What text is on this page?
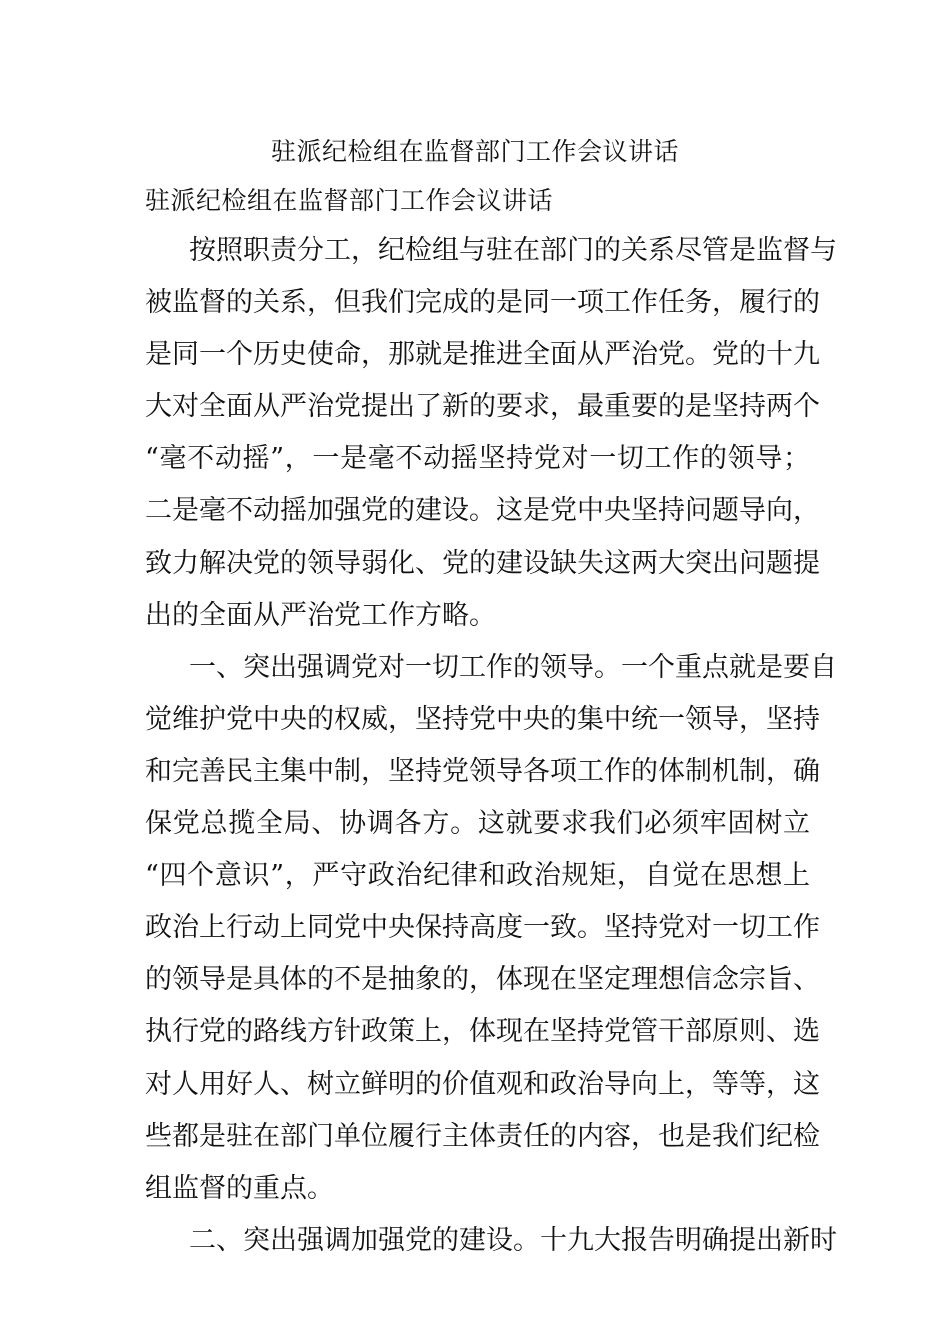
驻派纪检组在监督部门工作会议讲话
驻派纪检组在监督部门工作会议讲话
按照职责分工，纪检组与驻在部门的关系尽管是监督与
被监督的关系，但我们完成的是同一项工作任务，履行的
是同一个历史使命，那就是推进全面从严治党。党的十九
大对全面从严治党提出了新的要求，最重要的是坚持两个
“毫不动摇”，一是毫不动摇坚持党对一切工作的领导；
二是毫不动摇加强党的建设。这是党中央坚持问题导向，
致力解决党的领导弱化、党的建设缺失这两大突出问题提
出的全面从严治党工作方略。
一、突出强调党对一切工作的领导。一个重点就是要自
觉维护党中央的权威，坚持党中央的集中统一领导，坚持
和完善民主集中制，坚持党领导各项工作的体制机制，确
保党总揽全局、协调各方。这就要求我们必须牢固树立
“四个意识”，严守政治纪律和政治规矩，自觉在思想上
政治上行动上同党中央保持高度一致。坚持党对一切工作
的领导是具体的不是抽象的，体现在坚定理想信念宗旨、
执行党的路线方针政策上，体现在坚持党管干部原则、选
对人用好人、树立鲜明的价值观和政治导向上，等等，这
些都是驻在部门单位履行主体责任的内容，也是我们纪检
组监督的重点。
二、突出强调加强党的建设。十九大报告明确提出新时
